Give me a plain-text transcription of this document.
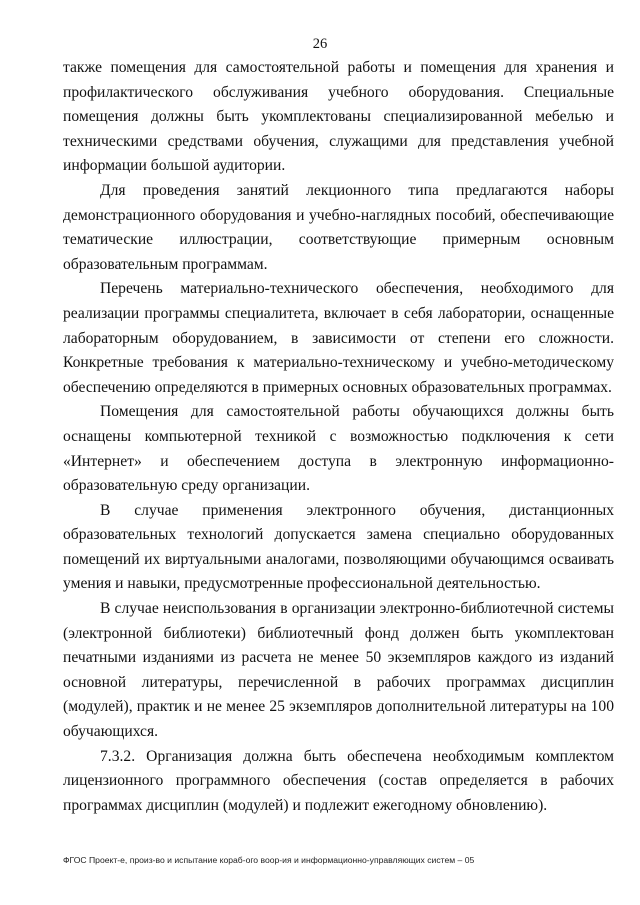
26

также помещения для самостоятельной работы и помещения для хранения и профилактического обслуживания учебного оборудования. Специальные помещения должны быть укомплектованы специализированной мебелью и техническими средствами обучения, служащими для представления учебной информации большой аудитории.

Для проведения занятий лекционного типа предлагаются наборы демонстрационного оборудования и учебно-наглядных пособий, обеспечивающие тематические иллюстрации, соответствующие примерным основным образовательным программам.

Перечень материально-технического обеспечения, необходимого для реализации программы специалитета, включает в себя лаборатории, оснащенные лабораторным оборудованием, в зависимости от степени его сложности. Конкретные требования к материально-техническому и учебно-методическому обеспечению определяются в примерных основных образовательных программах.

Помещения для самостоятельной работы обучающихся должны быть оснащены компьютерной техникой с возможностью подключения к сети «Интернет» и обеспечением доступа в электронную информационно-образовательную среду организации.

В случае применения электронного обучения, дистанционных образовательных технологий допускается замена специально оборудованных помещений их виртуальными аналогами, позволяющими обучающимся осваивать умения и навыки, предусмотренные профессиональной деятельностью.

В случае неиспользования в организации электронно-библиотечной системы (электронной библиотеки) библиотечный фонд должен быть укомплектован печатными изданиями из расчета не менее 50 экземпляров каждого из изданий основной литературы, перечисленной в рабочих программах дисциплин (модулей), практик и не менее 25 экземпляров дополнительной литературы на 100 обучающихся.

7.3.2. Организация должна быть обеспечена необходимым комплектом лицензионного программного обеспечения (состав определяется в рабочих программах дисциплин (модулей) и подлежит ежегодному обновлению).

ФГОС Проект-е, произ-во и испытание кораб-ого воор-ия и информационно-управляющих систем – 05
